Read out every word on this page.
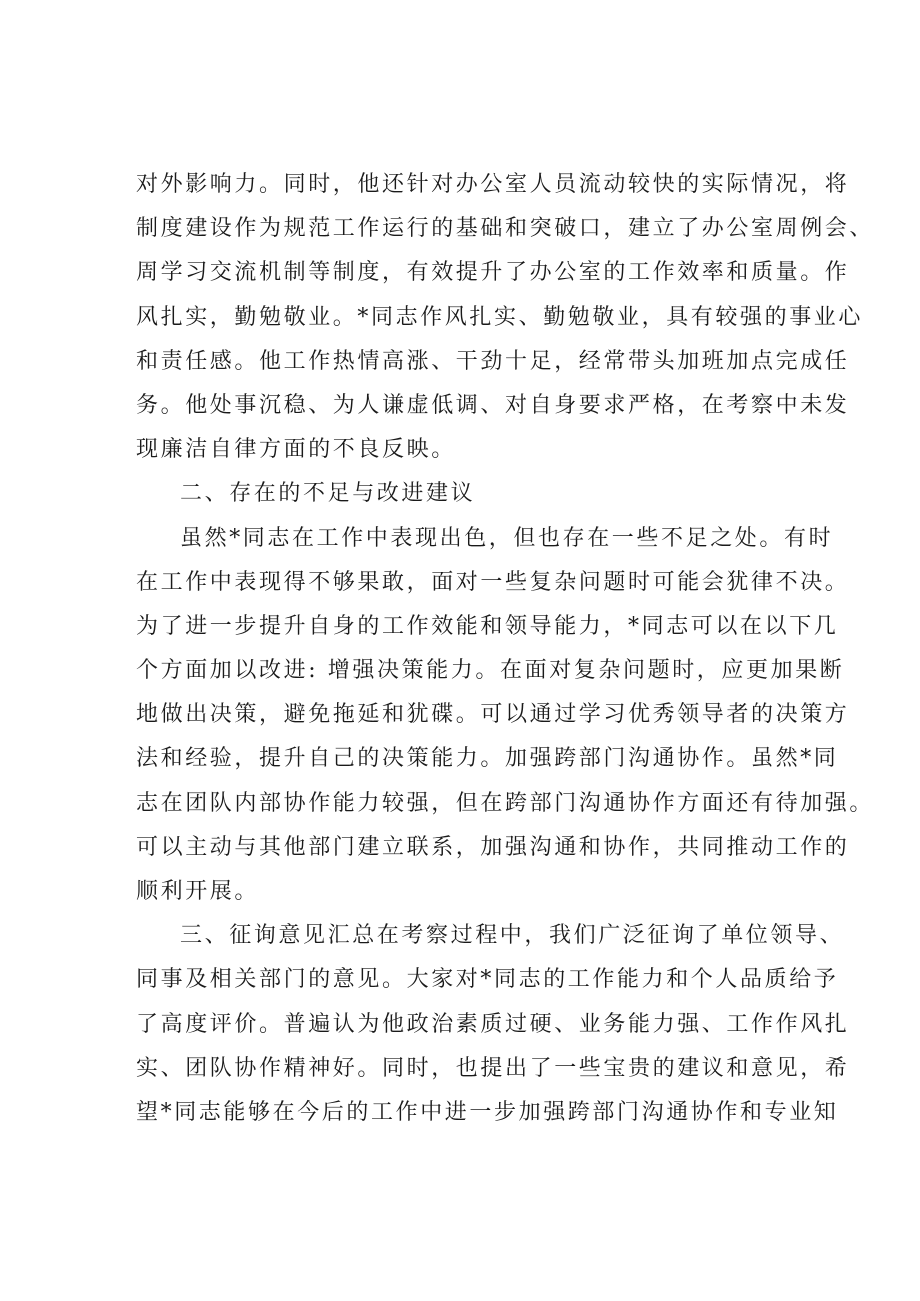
对外影响力。同时，他还针对办公室人员流动较快的实际情况，将
制度建设作为规范工作运行的基础和突破口，建立了办公室周例会、
周学习交流机制等制度，有效提升了办公室的工作效率和质量。作
风扎实，勤勉敬业。*同志作风扎实、勤勉敬业，具有较强的事业心
和责任感。他工作热情高涨、干劲十足，经常带头加班加点完成任
务。他处事沉稳、为人谦虚低调、对自身要求严格，在考察中未发
现廉洁自律方面的不良反映。
二、存在的不足与改进建议
虽然*同志在工作中表现出色，但也存在一些不足之处。有时
在工作中表现得不够果敢，面对一些复杂问题时可能会犹律不决。
为了进一步提升自身的工作效能和领导能力，*同志可以在以下几
个方面加以改进: 增强决策能力。在面对复杂问题时，应更加果断
地做出决策，避免拖延和犹碟。可以通过学习优秀领导者的决策方
法和经验，提升自己的决策能力。加强跨部门沟通协作。虽然*同
志在团队内部协作能力较强，但在跨部门沟通协作方面还有待加强。
可以主动与其他部门建立联系，加强沟通和协作，共同推动工作的
顺利开展。
三、征询意见汇总在考察过程中，我们广泛征询了单位领导、
同事及相关部门的意见。大家对*同志的工作能力和个人品质给予
了高度评价。普遍认为他政治素质过硬、业务能力强、工作作风扎
实、团队协作精神好。同时，也提出了一些宝贵的建议和意见，希
望*同志能够在今后的工作中进一步加强跨部门沟通协作和专业知
